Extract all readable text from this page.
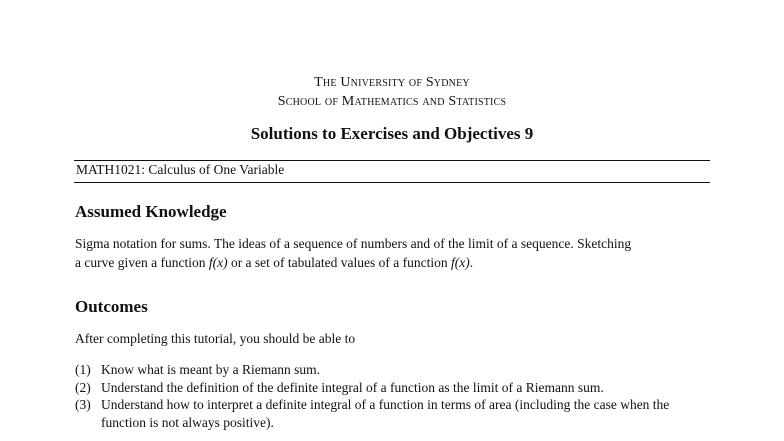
The University of Sydney
School of Mathematics and Statistics
Solutions to Exercises and Objectives 9
MATH1021: Calculus of One Variable
Assumed Knowledge
Sigma notation for sums. The ideas of a sequence of numbers and of the limit of a sequence. Sketching
a curve given a function f(x) or a set of tabulated values of a function f(x).
Outcomes
After completing this tutorial, you should be able to
(1) Know what is meant by a Riemann sum.
(2) Understand the definition of the definite integral of a function as the limit of a Riemann sum.
(3) Understand how to interpret a definite integral of a function in terms of area (including the case when the function is not always positive).
